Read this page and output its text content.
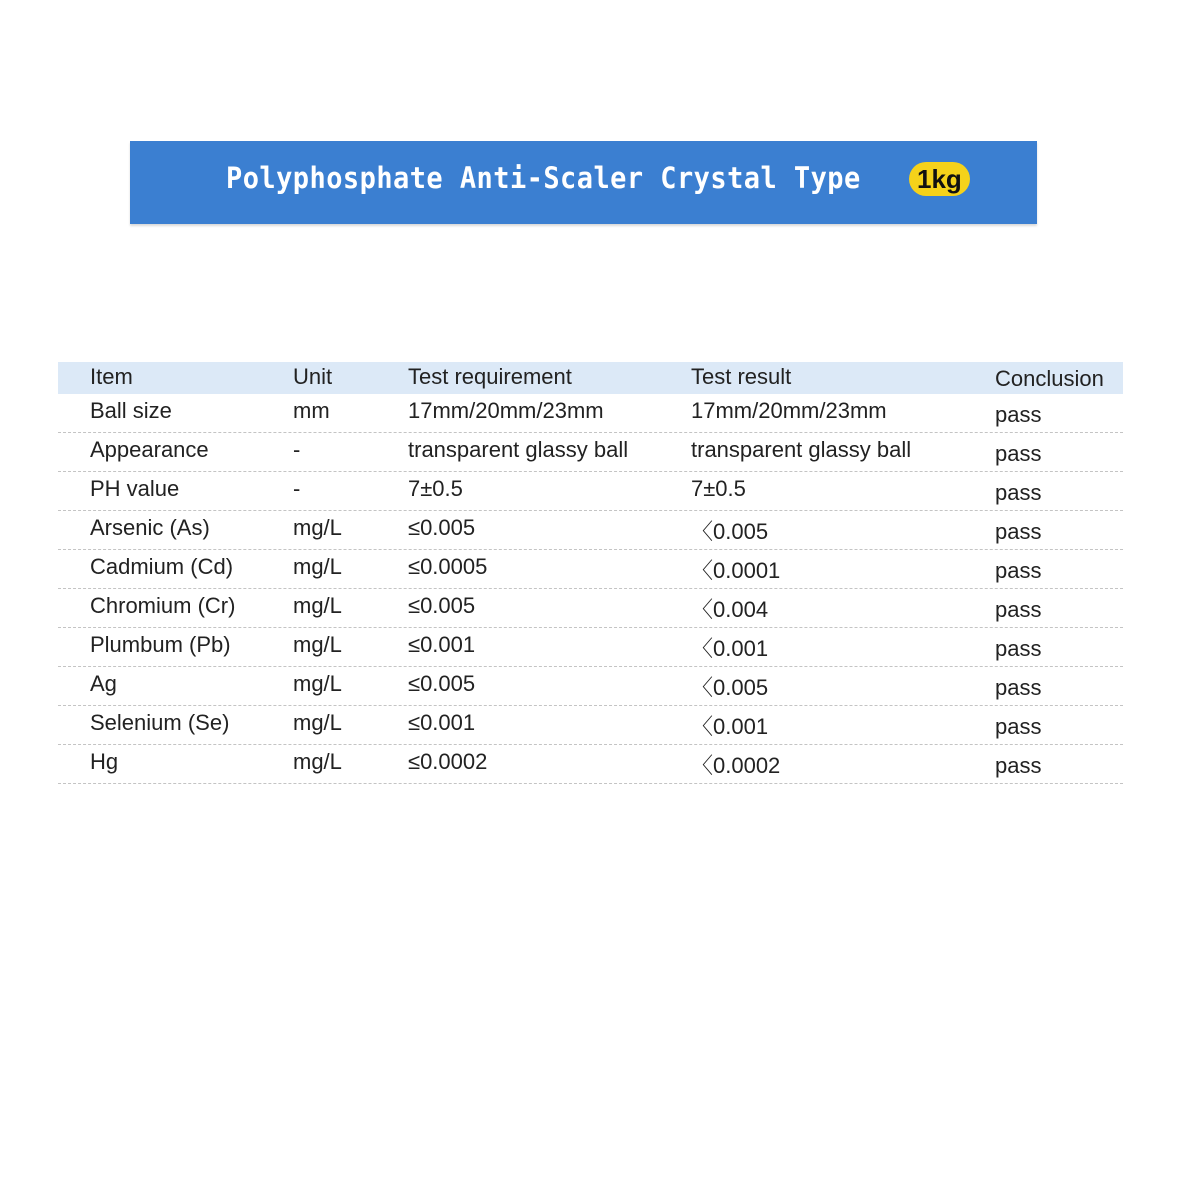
Polyphosphate Anti-Scaler Crystal Type	1kg
Item	Unit	Test requirement	Test result	Conclusion
Ball size	mm	17mm/20mm/23mm	17mm/20mm/23mm	pass
Appearance	-	transparent glassy ball	transparent glassy ball	pass
PH value	-	7±0.5	7±0.5	pass
Arsenic (As)	mg/L	≤0.005	〈0.005	pass
Cadmium (Cd)	mg/L	≤0.0005	〈0.0001	pass
Chromium (Cr)	mg/L	≤0.005	〈0.004	pass
Plumbum (Pb)	mg/L	≤0.001	〈0.001	pass
Ag	mg/L	≤0.005	〈0.005	pass
Selenium (Se)	mg/L	≤0.001	〈0.001	pass
Hg	mg/L	≤0.0002	〈0.0002	pass
